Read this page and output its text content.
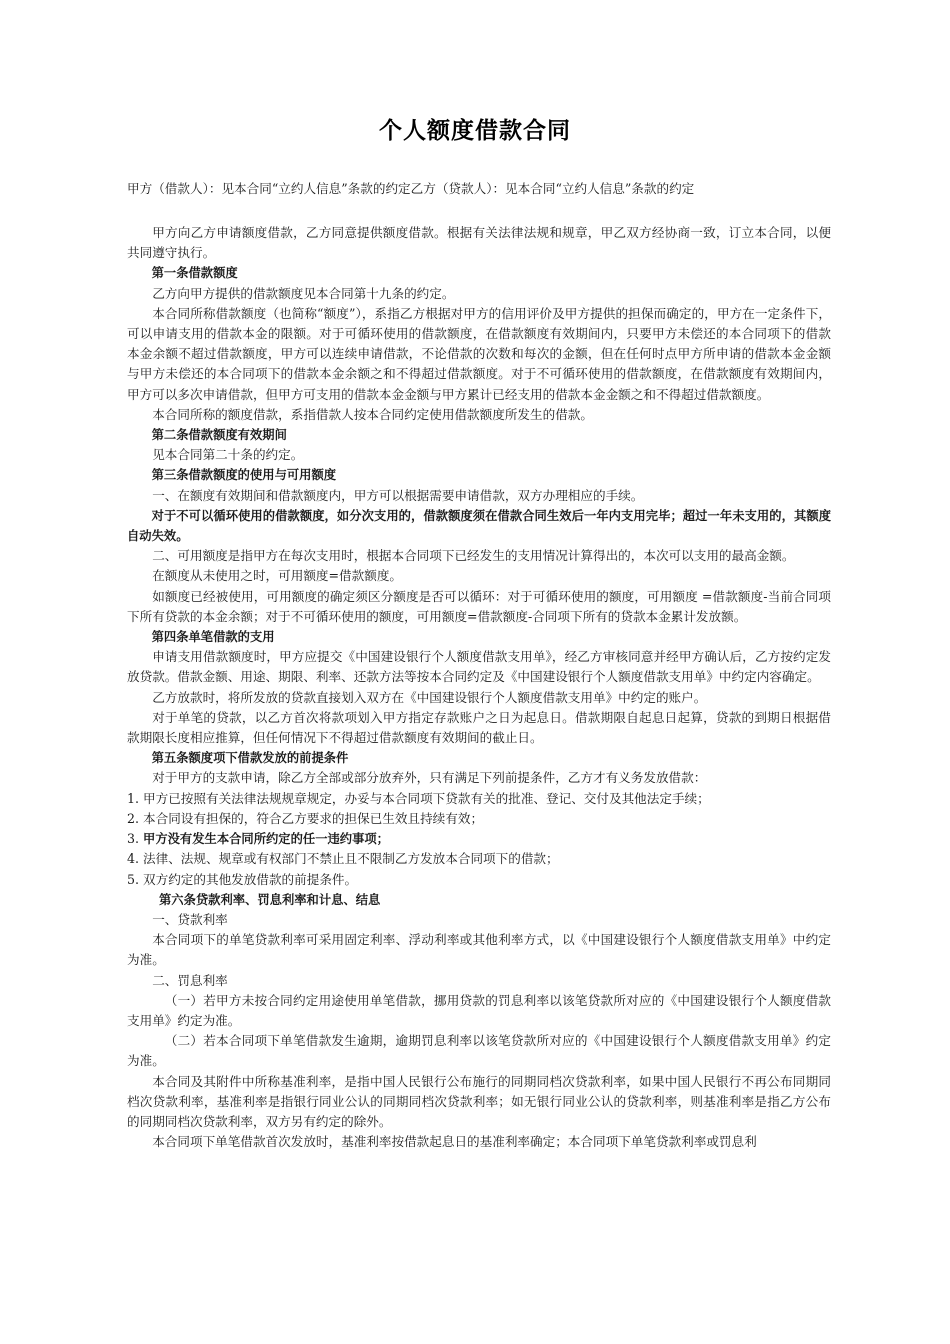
个人额度借款合同
甲方（借款人）：见本合同“立约人信息”条款的约定乙方（贷款人）：见本合同“立约人信息”条款的约定

甲方向乙方申请额度借款，乙方同意提供额度借款。根据有关法律法规和规章，甲乙双方经协商一致，订立本合同，以便共同遵守执行。

第一条借款额度

乙方向甲方提供的借款额度见本合同第十九条的约定。

本合同所称借款额度（也简称“额度”），系指乙方根据对甲方的信用评价及甲方提供的担保而确定的，甲方在一定条件下，可以申请支用的借款本金的限额。对于可循环使用的借款额度，在借款额度有效期间内，只要甲方未偿还的本合同项下的借款本金余额不超过借款额度，甲方可以连续申请借款，不论借款的次数和每次的金额，但在任何时点甲方所申请的借款本金金额与甲方未偿还的本合同项下的借款本金余额之和不得超过借款额度。对于不可循环使用的借款额度，在借款额度有效期间内，甲方可以多次申请借款，但甲方可支用的借款本金金额与甲方累计已经支用的借款本金金额之和不得超过借款额度。

本合同所称的额度借款，系指借款人按本合同约定使用借款额度所发生的借款。

第二条借款额度有效期间

见本合同第二十条的约定。

第三条借款额度的使用与可用额度

一、在额度有效期间和借款额度内，甲方可以根据需要申请借款，双方办理相应的手续。

对于不可以循环使用的借款额度，如分次支用的，借款额度须在借款合同生效后一年内支用完毕；超过一年未支用的，其额度自动失效。

二、可用额度是指甲方在每次支用时，根据本合同项下已经发生的支用情况计算得出的，本次可以支用的最高金额。

在额度从未使用之时，可用额度=借款额度。

如额度已经被使用，可用额度的确定须区分额度是否可以循环：对于可循环使用的额度，可用额度 =借款额度-当前合同项下所有贷款的本金余额；对于不可循环使用的额度，可用额度=借款额度-合同项下所有的贷款本金累计发放额。

第四条单笔借款的支用

申请支用借款额度时，甲方应提交《中国建设银行个人额度借款支用单》，经乙方审核同意并经甲方确认后，乙方按约定发放贷款。借款金额、用途、期限、利率、还款方法等按本合同约定及《中国建设银行个人额度借款支用单》中约定内容确定。

乙方放款时，将所发放的贷款直接划入双方在《中国建设银行个人额度借款支用单》中约定的账户。

对于单笔的贷款，以乙方首次将款项划入甲方指定存款账户之日为起息日。借款期限自起息日起算，贷款的到期日根据借款期限长度相应推算，但任何情况下不得超过借款额度有效期间的截止日。

第五条额度项下借款发放的前提条件

对于甲方的支款申请，除乙方全部或部分放弃外，只有满足下列前提条件，乙方才有义务发放借款：

1. 甲方已按照有关法律法规规章规定，办妥与本合同项下贷款有关的批准、登记、交付及其他法定手续；

2. 本合同设有担保的，符合乙方要求的担保已生效且持续有效；

3. 甲方没有发生本合同所约定的任一违约事项；

4. 法律、法规、规章或有权部门不禁止且不限制乙方发放本合同项下的借款；

5. 双方约定的其他发放借款的前提条件。

第六条贷款利率、罚息利率和计息、结息

一、贷款利率

本合同项下的单笔贷款利率可采用固定利率、浮动利率或其他利率方式，以《中国建设银行个人额度借款支用单》中约定为准。

二、罚息利率

（一）若甲方未按合同约定用途使用单笔借款，挪用贷款的罚息利率以该笔贷款所对应的《中国建设银行个人额度借款支用单》约定为准。

（二）若本合同项下单笔借款发生逾期，逾期罚息利率以该笔贷款所对应的《中国建设银行个人额度借款支用单》约定为准。

本合同及其附件中所称基准利率，是指中国人民银行公布施行的同期同档次贷款利率，如果中国人民银行不再公布同期同档次贷款利率，基准利率是指银行同业公认的同期同档次贷款利率；如无银行同业公认的贷款利率，则基准利率是指乙方公布的同期同档次贷款利率，双方另有约定的除外。

本合同项下单笔借款首次发放时，基准利率按借款起息日的基准利率确定；本合同项下单笔贷款利率或罚息利
